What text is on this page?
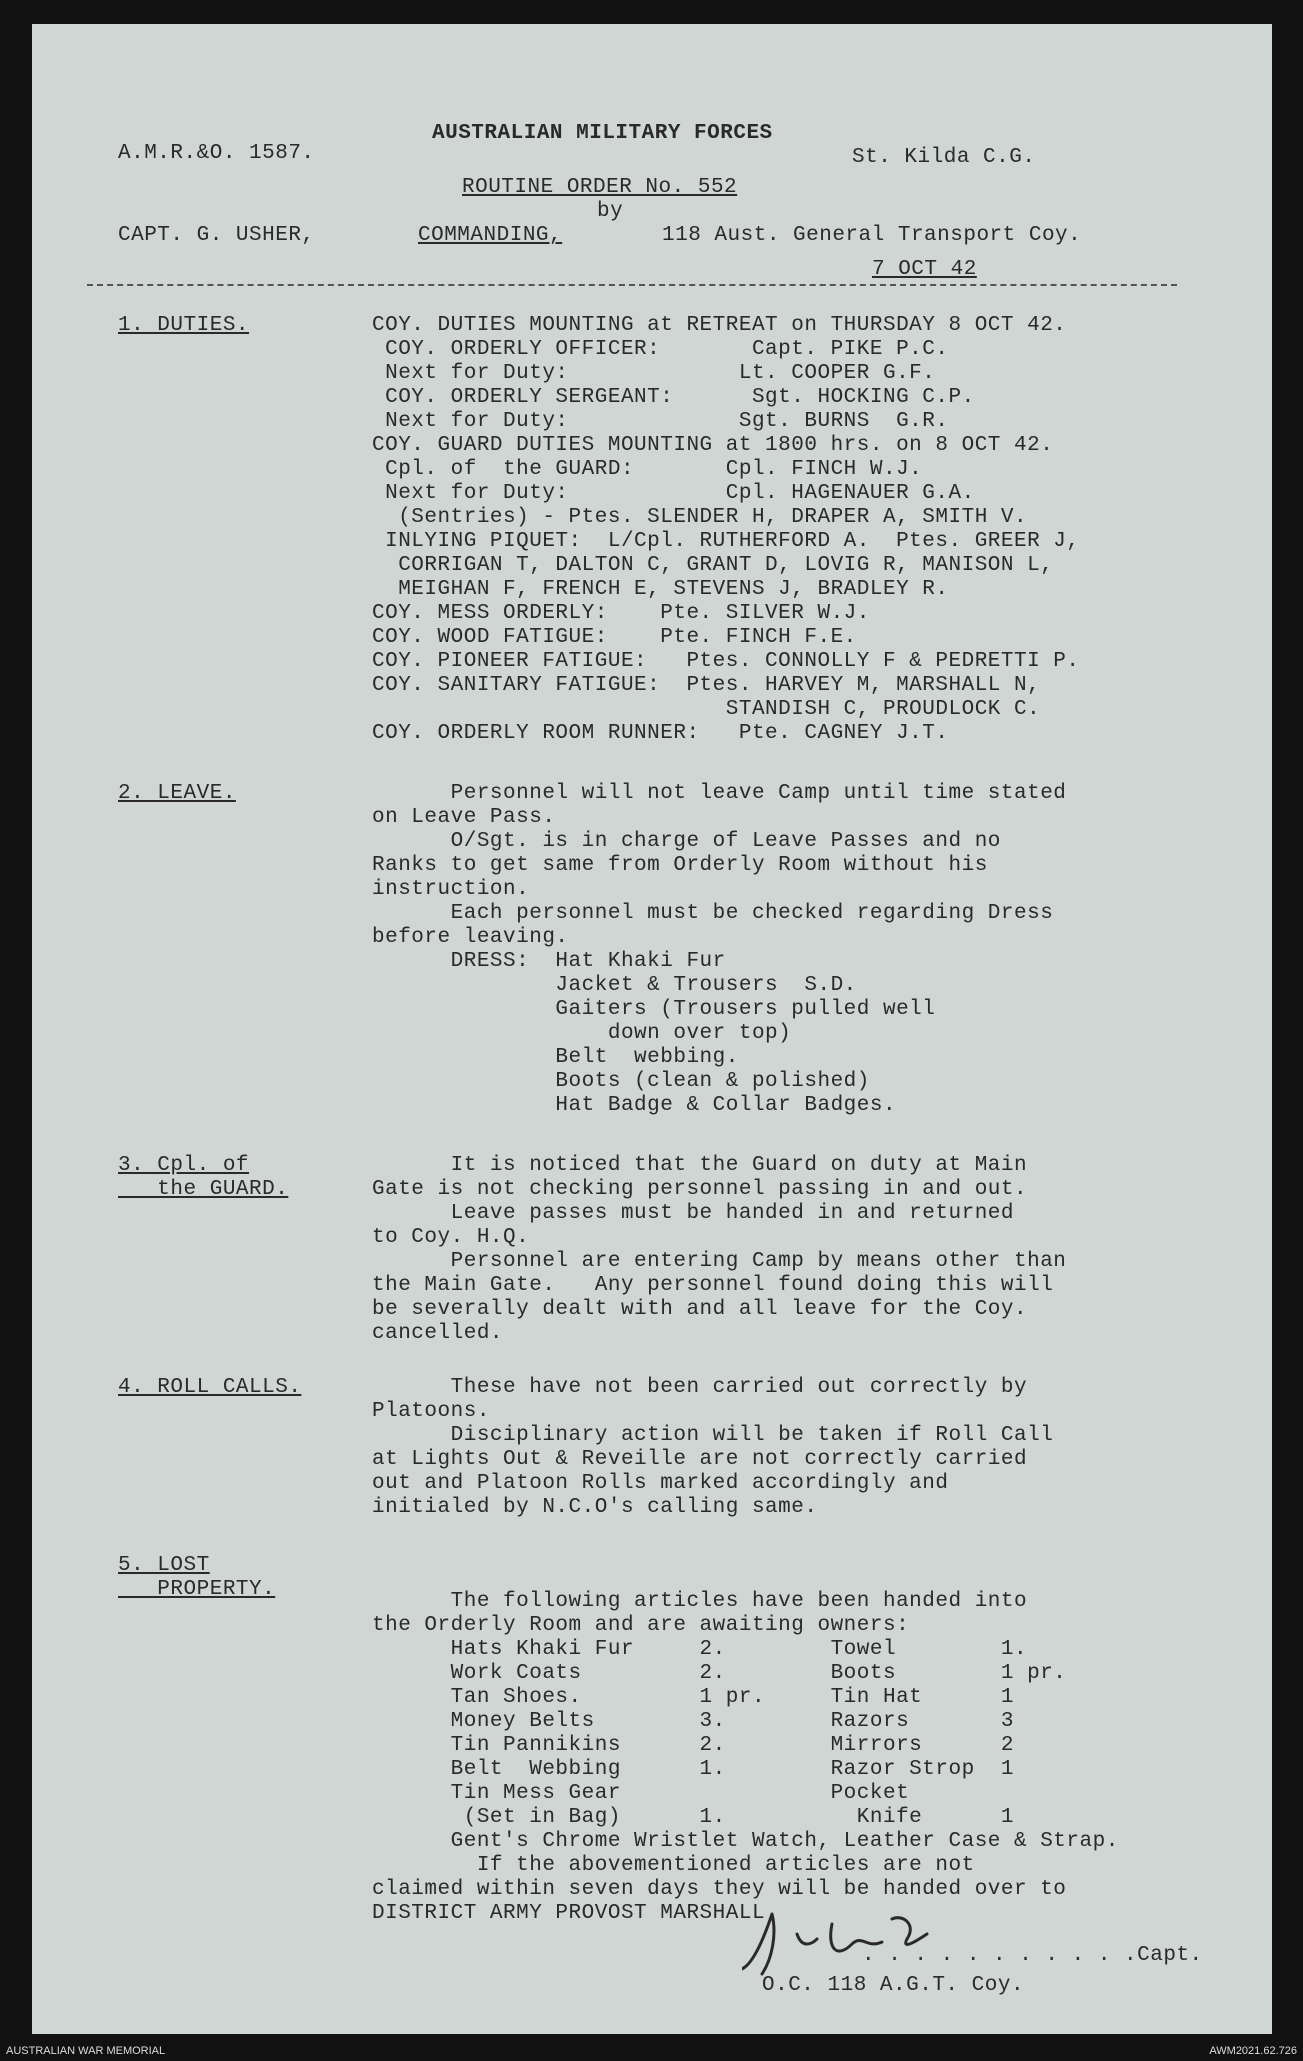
A.M.R.&O. 1587.
AUSTRALIAN MILITARY FORCES
St. Kilda C.G.
ROUTINE ORDER No. 552
by
CAPT. G. USHER,	COMMANDING,	118 Aust. General Transport Coy.
7 OCT 42
1. DUTIES.	COY. DUTIES MOUNTING at RETREAT on THURSDAY 8 OCT 42.
COY. ORDERLY OFFICER:       Capt. PIKE P.C.
Next for Duty:             Lt. COOPER G.F.
COY. ORDERLY SERGEANT:      Sgt. HOCKING C.P.
Next for Duty:             Sgt. BURNS  G.R.
COY. GUARD DUTIES MOUNTING at 1800 hrs. on 8 OCT 42.
Cpl. of  the GUARD:       Cpl. FINCH W.J.
Next for Duty:            Cpl. HAGENAUER G.A.
(Sentries) - Ptes. SLENDER H, DRAPER A, SMITH V.
INLYING PIQUET:  L/Cpl. RUTHERFORD A.  Ptes. GREER J,
CORRIGAN T, DALTON C, GRANT D, LOVIG R, MANISON L,
MEIGHAN F, FRENCH E, STEVENS J, BRADLEY R.
COY. MESS ORDERLY:    Pte. SILVER W.J.
COY. WOOD FATIGUE:    Pte. FINCH F.E.
COY. PIONEER FATIGUE:   Ptes. CONNOLLY F & PEDRETTI P.
COY. SANITARY FATIGUE:  Ptes. HARVEY M, MARSHALL N,
STANDISH C, PROUDLOCK C.
COY. ORDERLY ROOM RUNNER:   Pte. CAGNEY J.T.
2. LEAVE.	Personnel will not leave Camp until time stated
on Leave Pass.
O/Sgt. is in charge of Leave Passes and no
Ranks to get same from Orderly Room without his
instruction.
Each personnel must be checked regarding Dress
before leaving.
DRESS:  Hat Khaki Fur
Jacket & Trousers  S.D.
Gaiters (Trousers pulled well
down over top)
Belt  webbing.
Boots (clean & polished)
Hat Badge & Collar Badges.
3. Cpl. of
the GUARD.
It is noticed that the Guard on duty at Main
Gate is not checking personnel passing in and out.
Leave passes must be handed in and returned
to Coy. H.Q.
Personnel are entering Camp by means other than
the Main Gate.   Any personnel found doing this will
be severally dealt with and all leave for the Coy.
cancelled.
4. ROLL CALLS.	These have not been carried out correctly by
Platoons.
Disciplinary action will be taken if Roll Call
at Lights Out & Reveille are not correctly carried
out and Platoon Rolls marked accordingly and
initialed by N.C.O's calling same.
5. LOST
PROPERTY.
The following articles have been handed into
the Orderly Room and are awaiting owners:
Hats Khaki Fur     2.        Towel        1.
Work Coats         2.        Boots        1 pr.
Tan Shoes.         1 pr.     Tin Hat      1
Money Belts        3.        Razors       3
Tin Pannikins      2.        Mirrors      2
Belt  Webbing      1.        Razor Strop  1
Tin Mess Gear                Pocket
(Set in Bag)      1.          Knife      1
Gent's Chrome Wristlet Watch, Leather Case & Strap.
If the abovementioned articles are not
claimed within seven days they will be handed over to
DISTRICT ARMY PROVOST MARSHALL.
. . . . . . . . . . .Capt.
O.C. 118 A.G.T. Coy.
AUSTRALIAN WAR MEMORIAL	AWM2021.62.726
